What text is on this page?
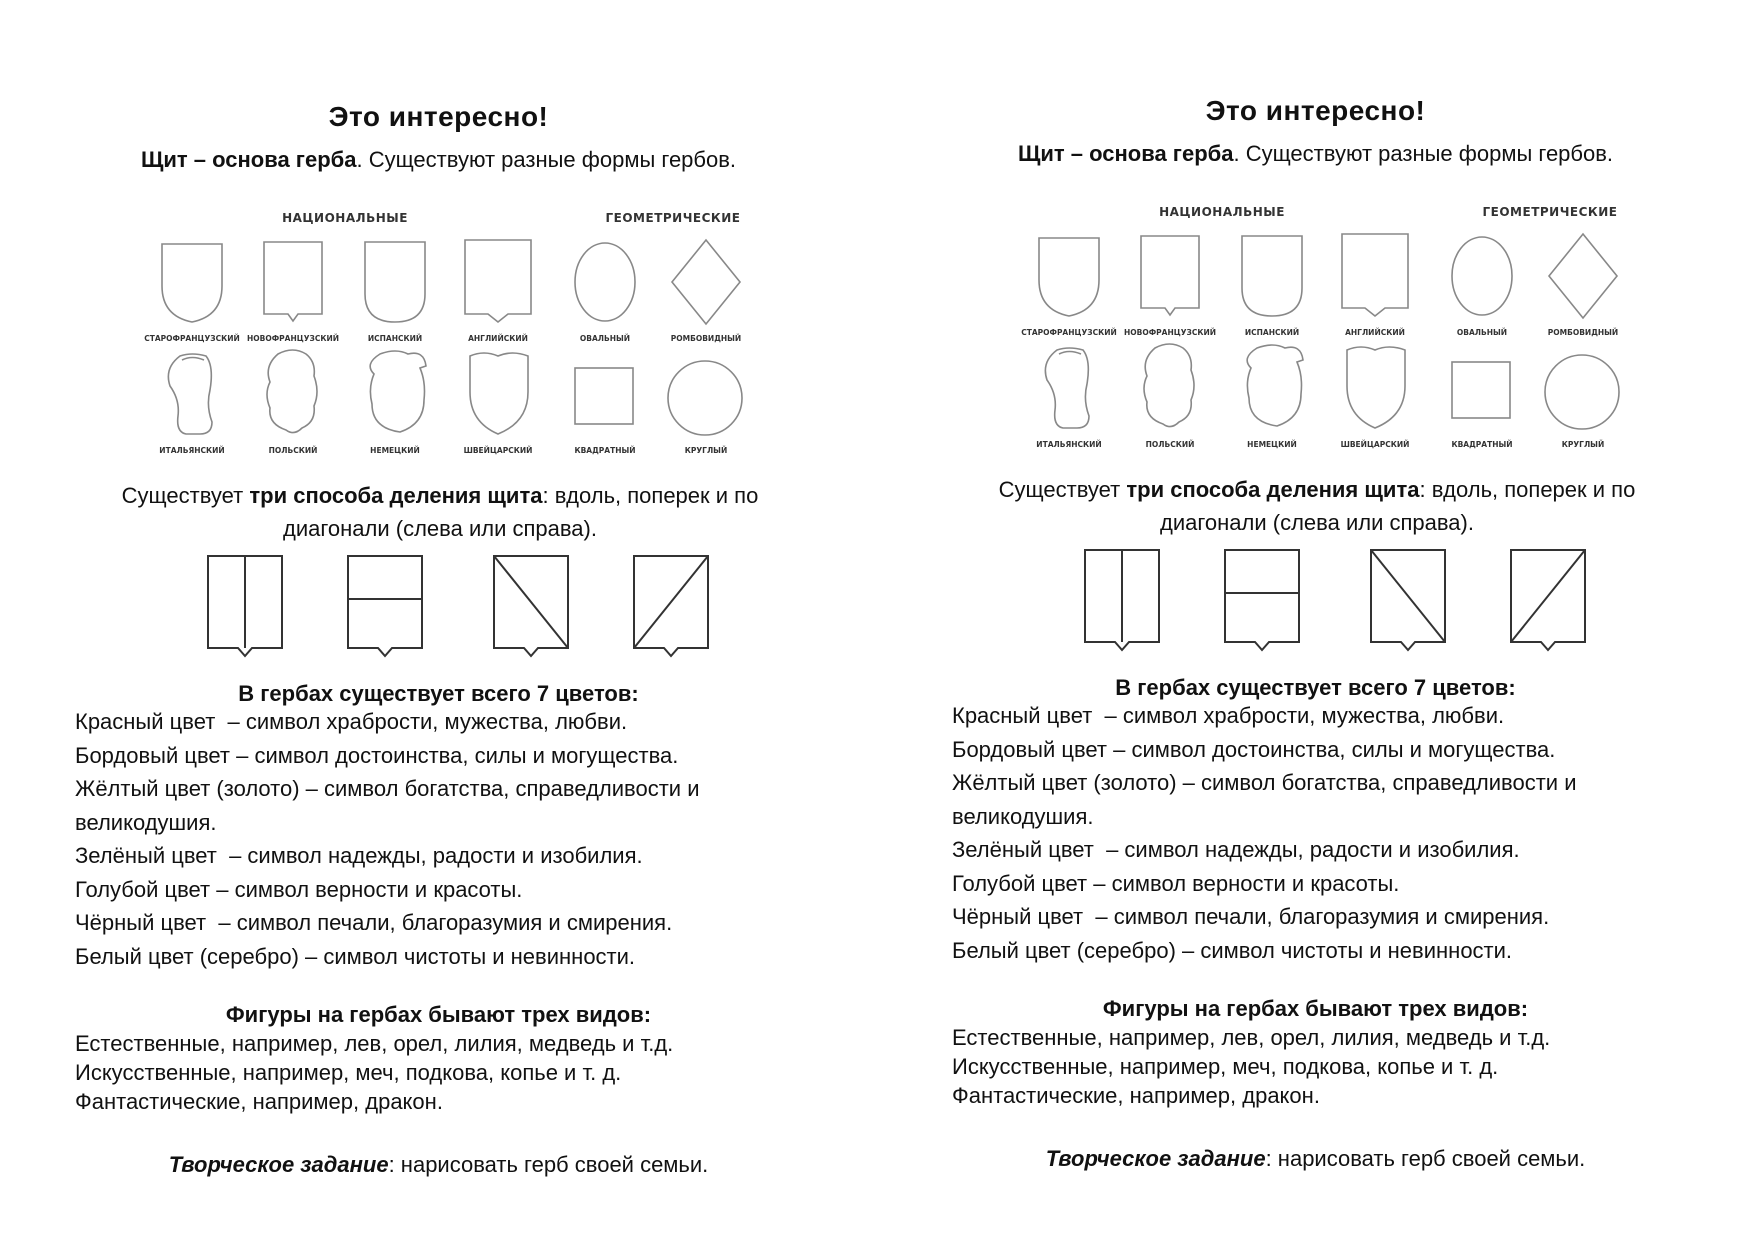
Это интересно!
Щит – основа герба. Существуют разные формы гербов.
НАЦИОНАЛЬНЫЕ	ГЕОМЕТРИЧЕСКИЕ
СТАРОФРАНЦУЗСКИЙ НОВОФРАНЦУЗСКИЙ	ИСПАНСКИЙ	АНГЛИЙСКИЙ	ОВАЛЬНЫЙ	РОМБОВИДНЫЙ
ИТАЛЬЯНСКИЙ	ПОЛЬСКИЙ	НЕМЕЦКИЙ	ШВЕЙЦАРСКИЙ	КВАДРАТНЫЙ	КРУГЛЫЙ
Существует три способа деления щита: вдоль, поперек и по диагонали (слева или справа).
В гербах существует всего 7 цветов:
Красный цвет  – символ храбрости, мужества, любви.
Бордовый цвет – символ достоинства, силы и могущества.
Жёлтый цвет (золото) – символ богатства, справедливости и великодушия.
Зелёный цвет  – символ надежды, радости и изобилия.
Голубой цвет – символ верности и красоты.
Чёрный цвет  – символ печали, благоразумия и смирения.
Белый цвет (серебро) – символ чистоты и невинности.
Фигуры на гербах бывают трех видов:
Естественные, например, лев, орел, лилия, медведь и т.д.
Искусственные, например, меч, подкова, копье и т. д.
Фантастические, например, дракон.
Творческое задание: нарисовать герб своей семьи.
Это интересно!
Щит – основа герба. Существуют разные формы гербов.
НАЦИОНАЛЬНЫЕ	ГЕОМЕТРИЧЕСКИЕ
СТАРОФРАНЦУЗСКИЙ НОВОФРАНЦУЗСКИЙ	ИСПАНСКИЙ	АНГЛИЙСКИЙ	ОВАЛЬНЫЙ	РОМБОВИДНЫЙ
ИТАЛЬЯНСКИЙ	ПОЛЬСКИЙ	НЕМЕЦКИЙ	ШВЕЙЦАРСКИЙ	КВАДРАТНЫЙ	КРУГЛЫЙ
Существует три способа деления щита: вдоль, поперек и по диагонали (слева или справа).
В гербах существует всего 7 цветов:
Красный цвет  – символ храбрости, мужества, любви.
Бордовый цвет – символ достоинства, силы и могущества.
Жёлтый цвет (золото) – символ богатства, справедливости и великодушия.
Зелёный цвет  – символ надежды, радости и изобилия.
Голубой цвет – символ верности и красоты.
Чёрный цвет  – символ печали, благоразумия и смирения.
Белый цвет (серебро) – символ чистоты и невинности.
Фигуры на гербах бывают трех видов:
Естественные, например, лев, орел, лилия, медведь и т.д.
Искусственные, например, меч, подкова, копье и т. д.
Фантастические, например, дракон.
Творческое задание: нарисовать герб своей семьи.
